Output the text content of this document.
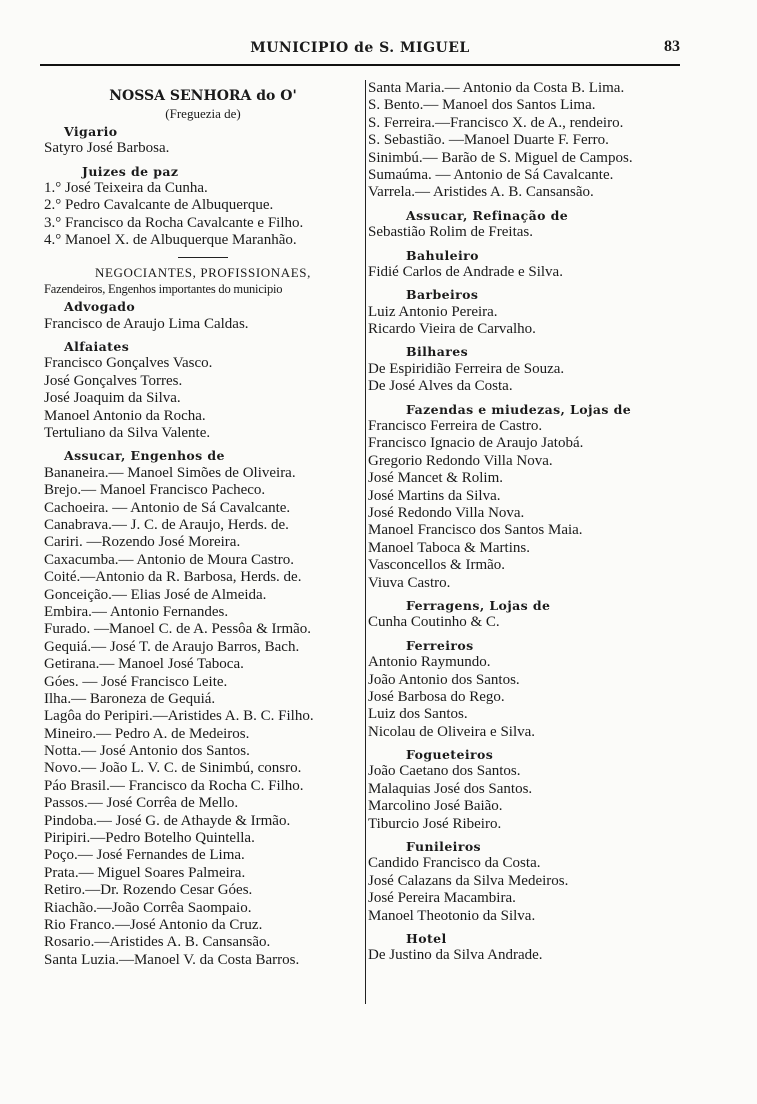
MUNICIPIO de S. MIGUEL	83
NOSSA SENHORA do O'
(Freguezia de)
Vigario
Satyro José Barbosa.
Juizes de paz
1.° José Teixeira da Cunha.
2.° Pedro Cavalcante de Albuquerque.
3.° Francisco da Rocha Cavalcante e Filho.
4.° Manoel X. de Albuquerque Maranhão.
NEGOCIANTES, PROFISSIONAES,
Fazendeiros, Engenhos importantes do municipio
Advogado
Francisco de Araujo Lima Caldas.
Alfaiates
Francisco Gonçalves Vasco.
José Gonçalves Torres.
José Joaquim da Silva.
Manoel Antonio da Rocha.
Tertuliano da Silva Valente.
Assucar, Engenhos de
Bananeira.— Manoel Simões de Oliveira.
Brejo.— Manoel Francisco Pacheco.
Cachoeira. — Antonio de Sá Cavalcante.
Canabrava.— J. C. de Araujo, Herds. de.
Cariri. —Rozendo José Moreira.
Caxacumba.— Antonio de Moura Castro.
Coité.—Antonio da R. Barbosa, Herds. de.
Gonceição.— Elias José de Almeida.
Embira.— Antonio Fernandes.
Furado. —Manoel C. de A. Pessôa & Irmão.
Gequiá.— José T. de Araujo Barros, Bach.
Getirana.— Manoel José Taboca.
Góes. — José Francisco Leite.
Ilha.— Baroneza de Gequiá.
Lagôa do Peripiri.—Aristides A. B. C. Filho.
Mineiro.— Pedro A. de Medeiros.
Notta.— José Antonio dos Santos.
Novo.— João L. V. C. de Sinimbú, consro.
Páo Brasil.— Francisco da Rocha C. Filho.
Passos.— José Corrêa de Mello.
Pindoba.— José G. de Athayde & Irmão.
Piripiri.—Pedro Botelho Quintella.
Poço.— José Fernandes de Lima.
Prata.— Miguel Soares Palmeira.
Retiro.—Dr. Rozendo Cesar Góes.
Riachão.—João Corrêa Saompaio.
Rio Franco.—José Antonio da Cruz.
Rosario.—Aristides A. B. Cansansão.
Santa Luzia.—Manoel V. da Costa Barros.
Santa Maria.— Antonio da Costa B. Lima.
S. Bento.— Manoel dos Santos Lima.
S. Ferreira.—Francisco X. de A., rendeiro.
S. Sebastião. —Manoel Duarte F. Ferro.
Sinimbú.— Barão de S. Miguel de Campos.
Sumaúma. — Antonio de Sá Cavalcante.
Varrela.— Aristides A. B. Cansansão.
Assucar, Refinação de
Sebastião Rolim de Freitas.
Bahuleiro
Fidié Carlos de Andrade e Silva.
Barbeiros
Luiz Antonio Pereira.
Ricardo Vieira de Carvalho.
Bilhares
De Espiridião Ferreira de Souza.
De José Alves da Costa.
Fazendas e miudezas, Lojas de
Francisco Ferreira de Castro.
Francisco Ignacio de Araujo Jatobá.
Gregorio Redondo Villa Nova.
José Mancet & Rolim.
José Martins da Silva.
José Redondo Villa Nova.
Manoel Francisco dos Santos Maia.
Manoel Taboca & Martins.
Vasconcellos & Irmão.
Viuva Castro.
Ferragens, Lojas de
Cunha Coutinho & C.
Ferreiros
Antonio Raymundo.
João Antonio dos Santos.
José Barbosa do Rego.
Luiz dos Santos.
Nicolau de Oliveira e Silva.
Fogueteiros
João Caetano dos Santos.
Malaquias José dos Santos.
Marcolino José Baião.
Tiburcio José Ribeiro.
Funileiros
Candido Francisco da Costa.
José Calazans da Silva Medeiros.
José Pereira Macambira.
Manoel Theotonio da Silva.
Hotel
De Justino da Silva Andrade.
